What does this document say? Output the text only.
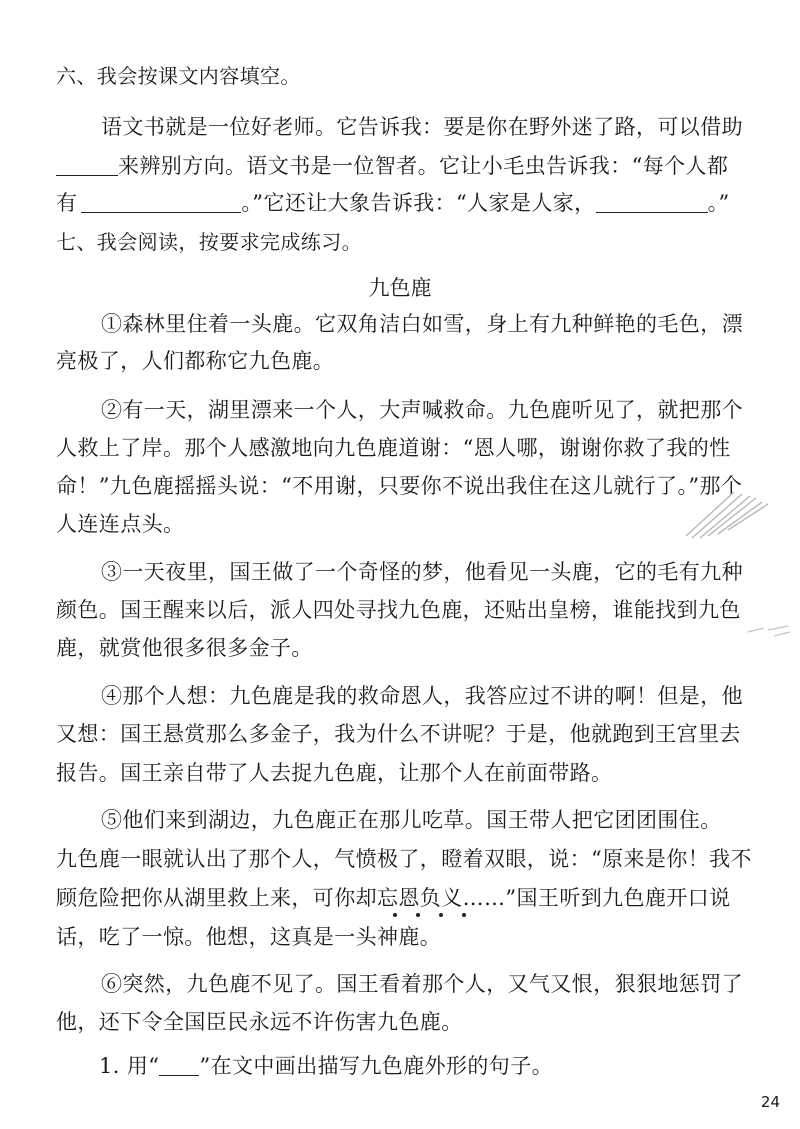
六、我会按课文内容填空。
语文书就是一位好老师。它告诉我：要是你在野外迷了路，可以借助
来辨别方向。语文书是一位智者。它让小毛虫告诉我：“每个人都
有	。”它还让大象告诉我：“人家是人家，	。”
七、我会阅读，按要求完成练习。
九色鹿
①森林里住着一头鹿。它双角洁白如雪，身上有九种鲜艳的毛色，漂
亮极了，人们都称它九色鹿。
②有一天，湖里漂来一个人，大声喊救命。九色鹿听见了，就把那个
人救上了岸。那个人感激地向九色鹿道谢：“恩人哪，谢谢你救了我的性
命！”九色鹿摇摇头说：“不用谢，只要你不说出我住在这儿就行了。”那个
人连连点头。
③一天夜里，国王做了一个奇怪的梦，他看见一头鹿，它的毛有九种
颜色。国王醒来以后，派人四处寻找九色鹿，还贴出皇榜，谁能找到九色
鹿，就赏他很多很多金子。
④那个人想：九色鹿是我的救命恩人，我答应过不讲的啊！但是，他
又想：国王悬赏那么多金子，我为什么不讲呢？于是，他就跑到王宫里去
报告。国王亲自带了人去捉九色鹿，让那个人在前面带路。
⑤他们来到湖边，九色鹿正在那儿吃草。国王带人把它团团围住。
九色鹿一眼就认出了那个人，气愤极了，瞪着双眼，说：“原来是你！我不
顾危险把你从湖里救上来，可你却忘恩负义……”国王听到九色鹿开口说
话，吃了一惊。他想，这真是一头神鹿。
⑥突然，九色鹿不见了。国王看着那个人，又气又恨，狠狠地惩罚了
他，还下令全国臣民永远不许伤害九色鹿。
1. 用“ ”在文中画出描写九色鹿外形的句子。
24
